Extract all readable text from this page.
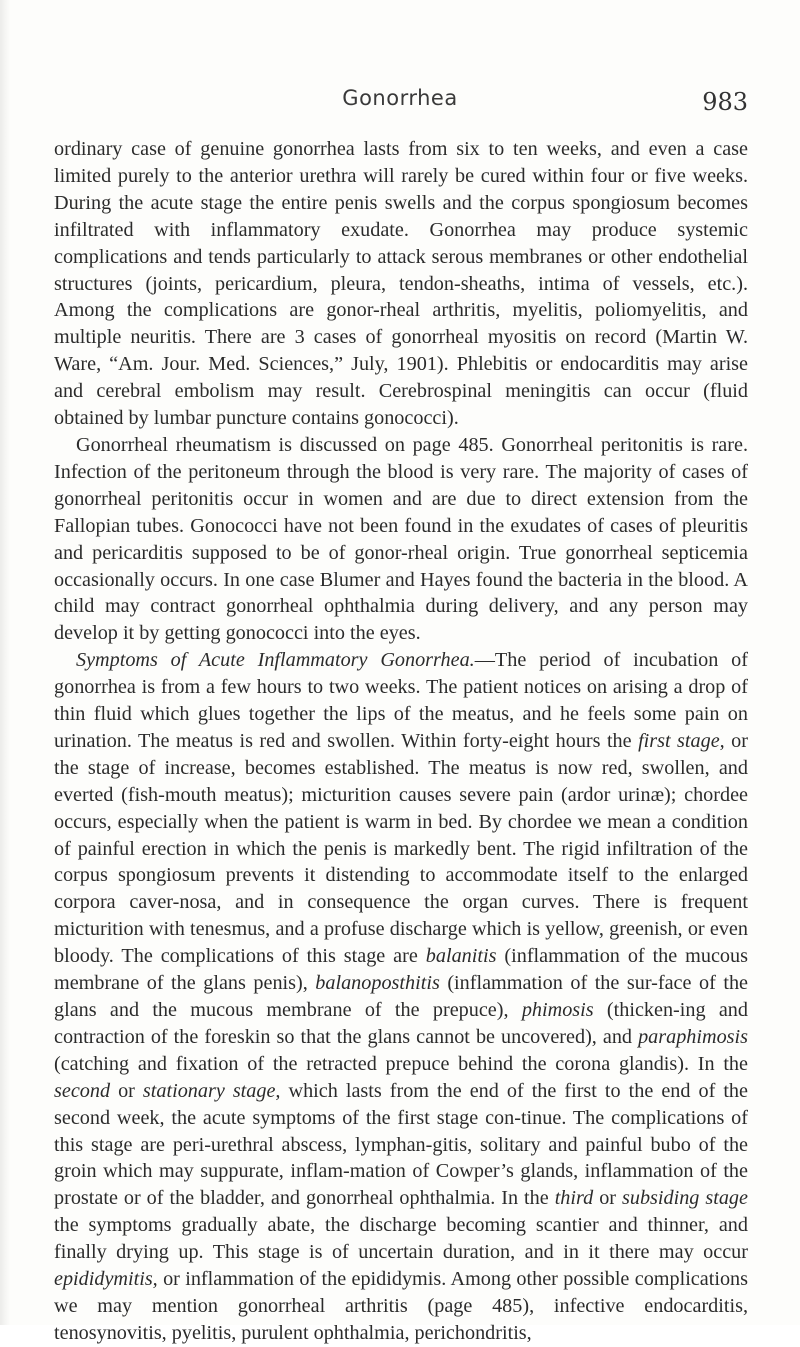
Gonorrhea	983

ordinary case of genuine gonorrhea lasts from six to ten weeks, and even a case limited purely to the anterior urethra will rarely be cured within four or five weeks. During the acute stage the entire penis swells and the corpus spongiosum becomes infiltrated with inflammatory exudate. Gonorrhea may produce systemic complications and tends particularly to attack serous membranes or other endothelial structures (joints, pericardium, pleura, tendon-sheaths, intima of vessels, etc.). Among the complications are gonor-rheal arthritis, myelitis, poliomyelitis, and multiple neuritis. There are 3 cases of gonorrheal myositis on record (Martin W. Ware, “Am. Jour. Med. Sciences,” July, 1901). Phlebitis or endocarditis may arise and cerebral embolism may result. Cerebrospinal meningitis can occur (fluid obtained by lumbar puncture contains gonococci).

Gonorrheal rheumatism is discussed on page 485. Gonorrheal peritonitis is rare. Infection of the peritoneum through the blood is very rare. The majority of cases of gonorrheal peritonitis occur in women and are due to direct extension from the Fallopian tubes. Gonococci have not been found in the exudates of cases of pleuritis and pericarditis supposed to be of gonor-rheal origin. True gonorrheal septicemia occasionally occurs. In one case Blumer and Hayes found the bacteria in the blood. A child may contract gonorrheal ophthalmia during delivery, and any person may develop it by getting gonococci into the eyes.

Symptoms of Acute Inflammatory Gonorrhea.—The period of incubation of gonorrhea is from a few hours to two weeks. The patient notices on arising a drop of thin fluid which glues together the lips of the meatus, and he feels some pain on urination. The meatus is red and swollen. Within forty-eight hours the first stage, or the stage of increase, becomes established. The meatus is now red, swollen, and everted (fish-mouth meatus); micturition causes severe pain (ardor urinæ); chordee occurs, especially when the patient is warm in bed. By chordee we mean a condition of painful erection in which the penis is markedly bent. The rigid infiltration of the corpus spongiosum prevents it distending to accommodate itself to the enlarged corpora caver-nosa, and in consequence the organ curves. There is frequent micturition with tenesmus, and a profuse discharge which is yellow, greenish, or even bloody. The complications of this stage are balanitis (inflammation of the mucous membrane of the glans penis), balanoposthitis (inflammation of the sur-face of the glans and the mucous membrane of the prepuce), phimosis (thicken-ing and contraction of the foreskin so that the glans cannot be uncovered), and paraphimosis (catching and fixation of the retracted prepuce behind the corona glandis). In the second or stationary stage, which lasts from the end of the first to the end of the second week, the acute symptoms of the first stage con-tinue. The complications of this stage are peri-urethral abscess, lymphan-gitis, solitary and painful bubo of the groin which may suppurate, inflam-mation of Cowper’s glands, inflammation of the prostate or of the bladder, and gonorrheal ophthalmia. In the third or subsiding stage the symptoms gradually abate, the discharge becoming scantier and thinner, and finally drying up. This stage is of uncertain duration, and in it there may occur epididymitis, or inflammation of the epididymis. Among other possible complications we may mention gonorrheal arthritis (page 485), infective endocarditis, tenosynovitis, pyelitis, purulent ophthalmia, perichondritis,
